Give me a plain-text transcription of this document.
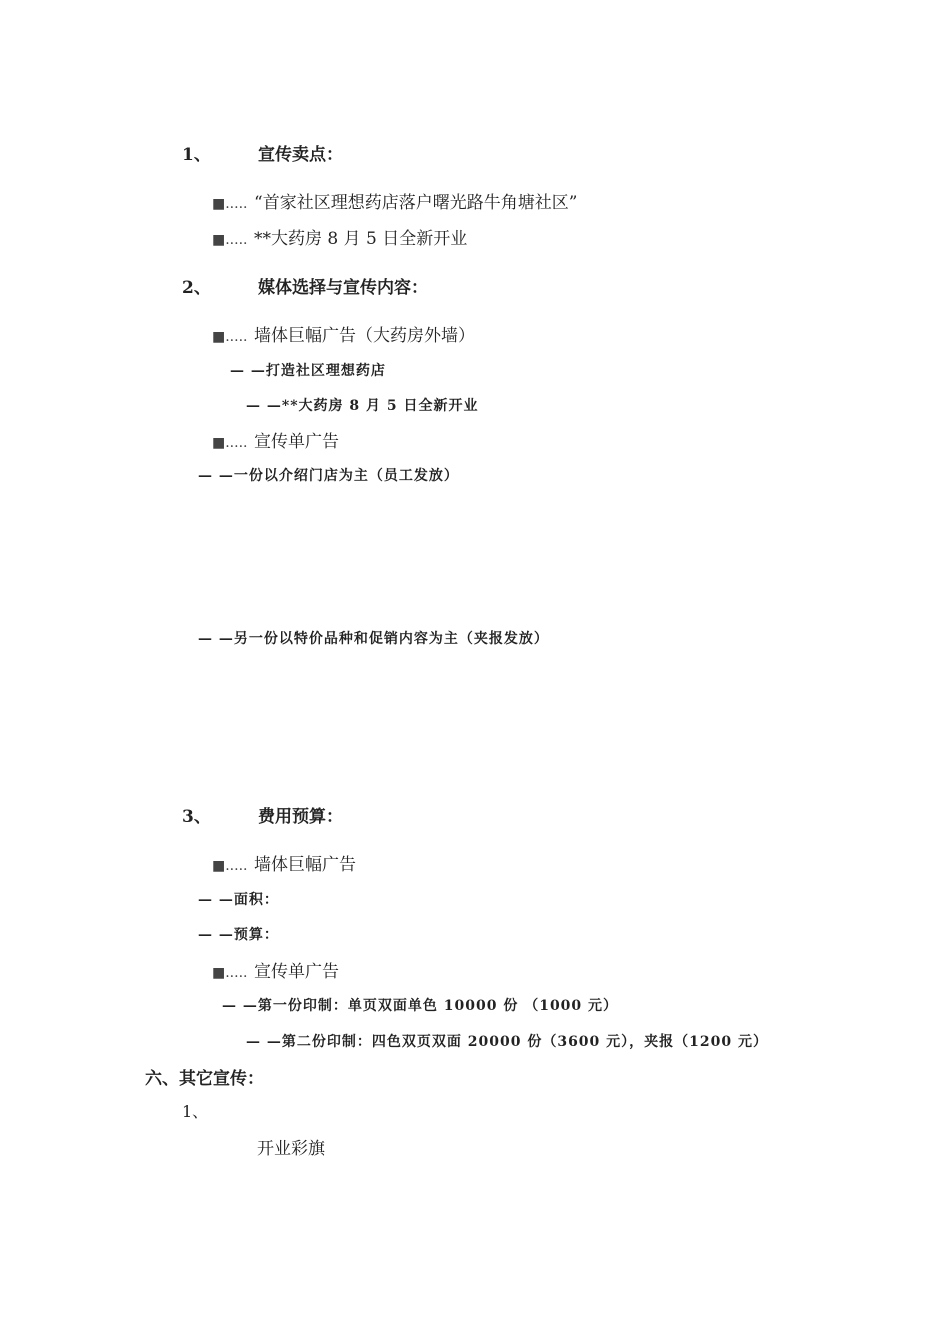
1、	宣传卖点：
■..... “首家社区理想药店落户曙光路牛角塘社区”
■..... **大药房 8 月 5 日全新开业
2、	媒体选择与宣传内容：
■..... 墙体巨幅广告（大药房外墙）
— —打造社区理想药店
— —**大药房 8 月 5 日全新开业
■..... 宣传单广告
— —一份以介绍门店为主（员工发放）
— —另一份以特价品种和促销内容为主（夹报发放）
3、	费用预算：
■..... 墙体巨幅广告
— —面积：
— —预算：
■..... 宣传单广告
— —第一份印制：单页双面单色 10000 份 （1000 元）
— —第二份印制：四色双页双面 20000 份（3600 元），夹报（1200 元）
六、其它宣传：
1、
开业彩旗
